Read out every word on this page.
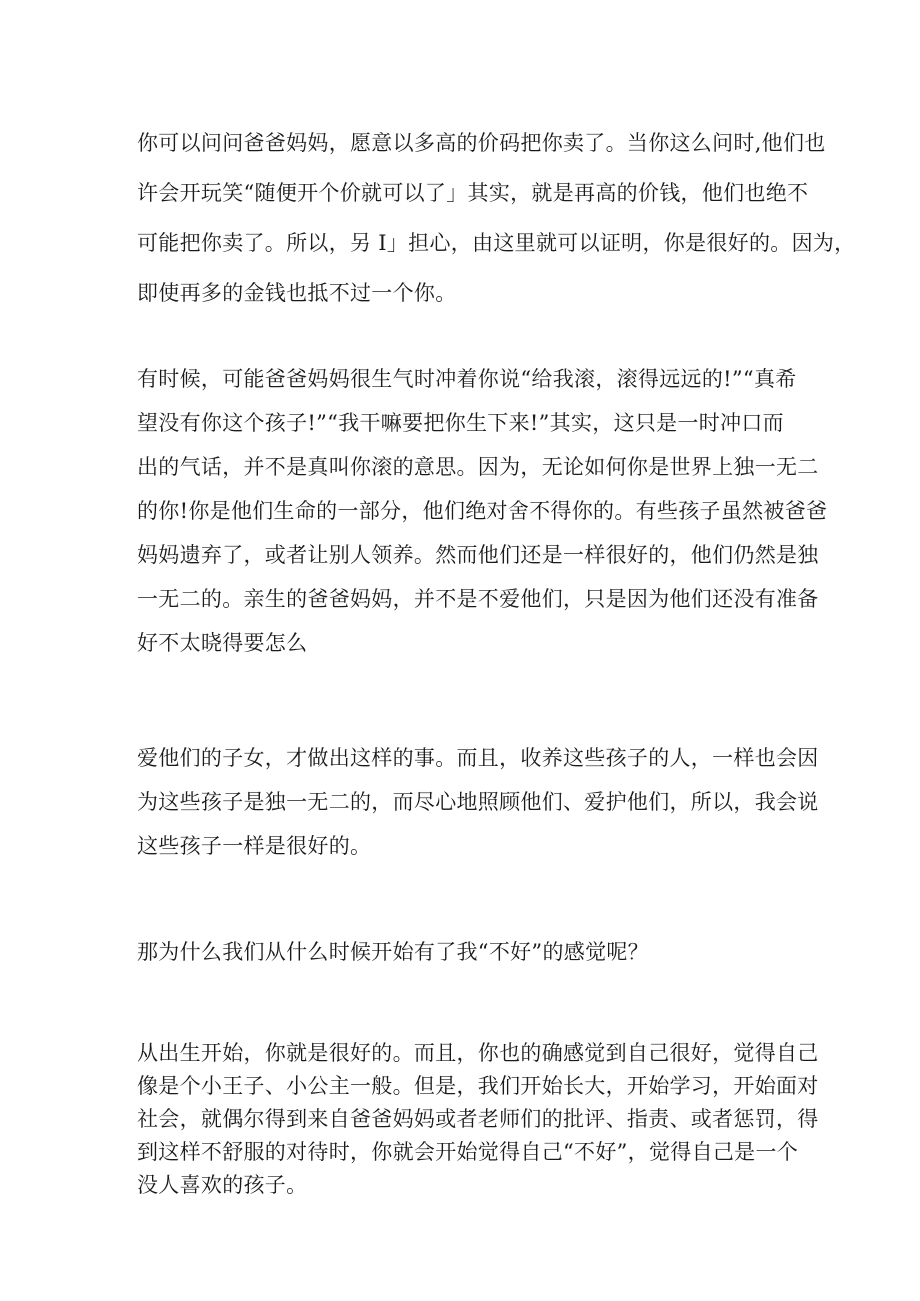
你可以问问爸爸妈妈，愿意以多高的价码把你卖了。当你这么问时,他们也
许会开玩笑“随便开个价就可以了」其实，就是再高的价钱，他们也绝不
可能把你卖了。所以，另 I」担心，由这里就可以证明，你是很好的。因为，
即使再多的金钱也抵不过一个你。
有时候，可能爸爸妈妈很生气时冲着你说“给我滚，滚得远远的!”“真希
望没有你这个孩子!”“我干嘛要把你生下来!”其实，这只是一时冲口而
出的气话，并不是真叫你滚的意思。因为，无论如何你是世界上独一无二
的你!你是他们生命的一部分，他们绝对舍不得你的。有些孩子虽然被爸爸
妈妈遗弃了，或者让别人领养。然而他们还是一样很好的，他们仍然是独
一无二的。亲生的爸爸妈妈，并不是不爱他们，只是因为他们还没有准备
好不太晓得要怎么
爱他们的子女，才做出这样的事。而且，收养这些孩子的人，一样也会因
为这些孩子是独一无二的，而尽心地照顾他们、爱护他们，所以，我会说
这些孩子一样是很好的。
那为什么我们从什么时候开始有了我“不好”的感觉呢？
从出生开始，你就是很好的。而且，你也的确感觉到自己很好，觉得自己
像是个小王子、小公主一般。但是，我们开始长大，开始学习，开始面对
社会，就偶尔得到来自爸爸妈妈或者老师们的批评、指责、或者惩罚，得
到这样不舒服的对待时，你就会开始觉得自己“不好”，觉得自己是一个
没人喜欢的孩子。
